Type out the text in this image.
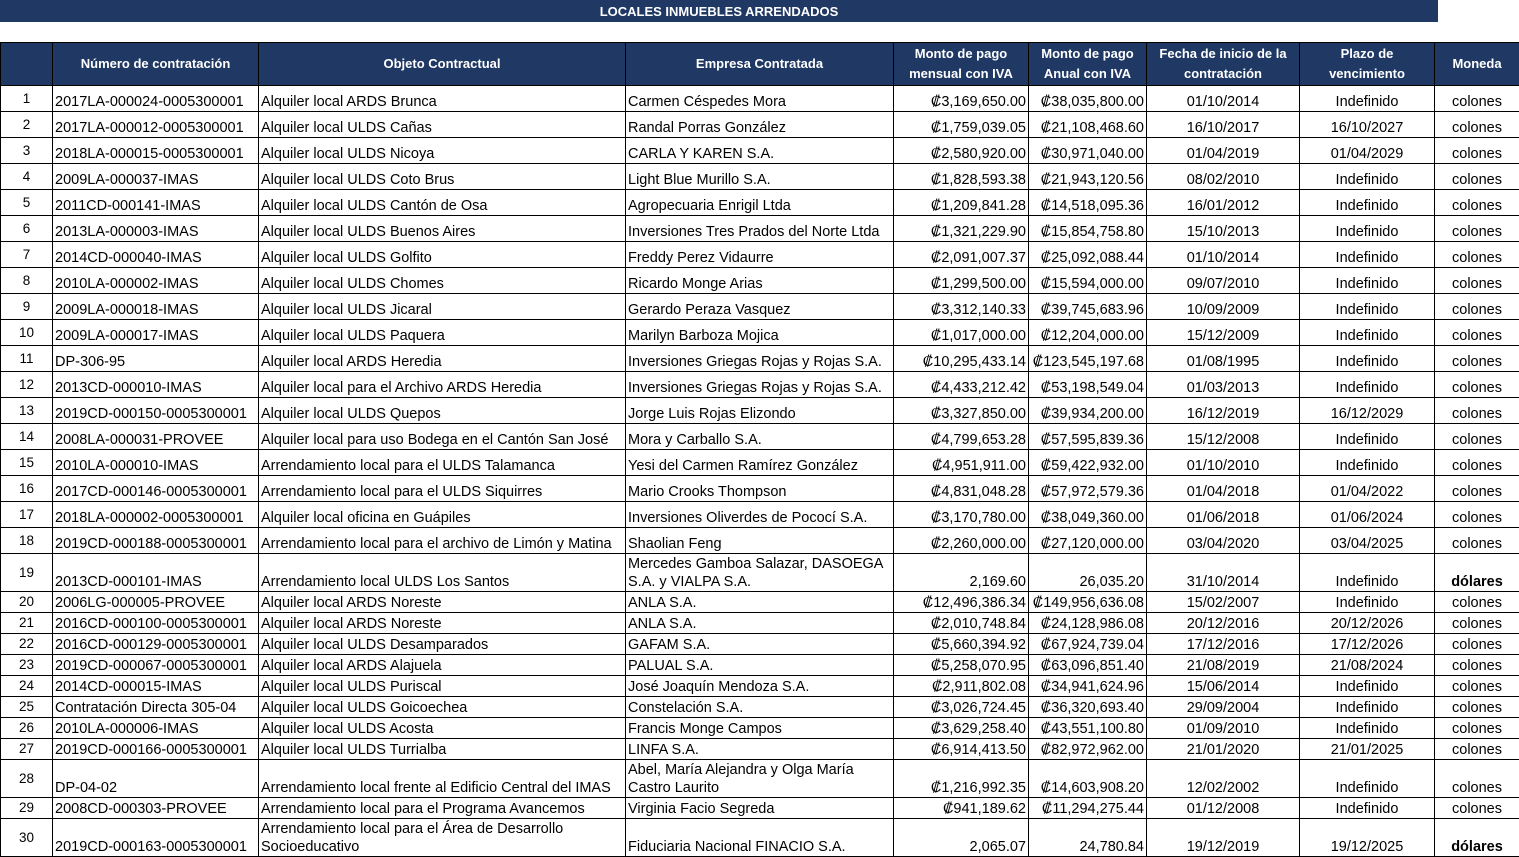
LOCALES INMUEBLES ARRENDADOS
	Número de contratación	Objeto Contractual	Empresa Contratada	Monto de pago mensual con IVA	Monto de pago Anual con IVA	Fecha de inicio de la contratación	Plazo de vencimiento	Moneda
1	2017LA-000024-0005300001	Alquiler local ARDS Brunca	Carmen Céspedes Mora	₡3,169,650.00	₡38,035,800.00	01/10/2014	Indefinido	colones
2	2017LA-000012-0005300001	Alquiler local ULDS Cañas	Randal Porras González	₡1,759,039.05	₡21,108,468.60	16/10/2017	16/10/2027	colones
3	2018LA-000015-0005300001	Alquiler local ULDS Nicoya	CARLA Y KAREN S.A.	₡2,580,920.00	₡30,971,040.00	01/04/2019	01/04/2029	colones
4	2009LA-000037-IMAS	Alquiler local ULDS Coto Brus	Light Blue Murillo S.A.	₡1,828,593.38	₡21,943,120.56	08/02/2010	Indefinido	colones
5	2011CD-000141-IMAS	Alquiler local ULDS Cantón de Osa	Agropecuaria Enrigil Ltda	₡1,209,841.28	₡14,518,095.36	16/01/2012	Indefinido	colones
6	2013LA-000003-IMAS	Alquiler local ULDS Buenos Aires	Inversiones Tres Prados del Norte Ltda	₡1,321,229.90	₡15,854,758.80	15/10/2013	Indefinido	colones
7	2014CD-000040-IMAS	Alquiler local ULDS Golfito	Freddy Perez Vidaurre	₡2,091,007.37	₡25,092,088.44	01/10/2014	Indefinido	colones
8	2010LA-000002-IMAS	Alquiler local ULDS Chomes	Ricardo Monge Arias	₡1,299,500.00	₡15,594,000.00	09/07/2010	Indefinido	colones
9	2009LA-000018-IMAS	Alquiler local ULDS Jicaral	Gerardo Peraza Vasquez	₡3,312,140.33	₡39,745,683.96	10/09/2009	Indefinido	colones
10	2009LA-000017-IMAS	Alquiler local ULDS Paquera	Marilyn Barboza Mojica	₡1,017,000.00	₡12,204,000.00	15/12/2009	Indefinido	colones
11	DP-306-95	Alquiler local ARDS Heredia	Inversiones Griegas Rojas y Rojas S.A.	₡10,295,433.14	₡123,545,197.68	01/08/1995	Indefinido	colones
12	2013CD-000010-IMAS	Alquiler local para el Archivo ARDS Heredia	Inversiones Griegas Rojas y Rojas S.A.	₡4,433,212.42	₡53,198,549.04	01/03/2013	Indefinido	colones
13	2019CD-000150-0005300001	Alquiler local ULDS Quepos	Jorge Luis Rojas Elizondo	₡3,327,850.00	₡39,934,200.00	16/12/2019	16/12/2029	colones
14	2008LA-000031-PROVEE	Alquiler local para uso Bodega en el Cantón San José	Mora y Carballo S.A.	₡4,799,653.28	₡57,595,839.36	15/12/2008	Indefinido	colones
15	2010LA-000010-IMAS	Arrendamiento local para el ULDS Talamanca	Yesi del Carmen Ramírez González	₡4,951,911.00	₡59,422,932.00	01/10/2010	Indefinido	colones
16	2017CD-000146-0005300001	Arrendamiento local para el ULDS Siquirres	Mario Crooks Thompson	₡4,831,048.28	₡57,972,579.36	01/04/2018	01/04/2022	colones
17	2018LA-000002-0005300001	Alquiler local oficina en Guápiles	Inversiones Oliverdes de Pococí S.A.	₡3,170,780.00	₡38,049,360.00	01/06/2018	01/06/2024	colones
18	2019CD-000188-0005300001	Arrendamiento local para el archivo de Limón y Matina	Shaolian Feng	₡2,260,000.00	₡27,120,000.00	03/04/2020	03/04/2025	colones
19	2013CD-000101-IMAS	Arrendamiento local ULDS Los Santos	Mercedes Gamboa Salazar, DASOEGA S.A. y VIALPA S.A.	2,169.60	26,035.20	31/10/2014	Indefinido	dólares
20	2006LG-000005-PROVEE	Alquiler local ARDS Noreste	ANLA S.A.	₡12,496,386.34	₡149,956,636.08	15/02/2007	Indefinido	colones
21	2016CD-000100-0005300001	Alquiler local ARDS Noreste	ANLA S.A.	₡2,010,748.84	₡24,128,986.08	20/12/2016	20/12/2026	colones
22	2016CD-000129-0005300001	Alquiler local ULDS Desamparados	GAFAM S.A.	₡5,660,394.92	₡67,924,739.04	17/12/2016	17/12/2026	colones
23	2019CD-000067-0005300001	Alquiler local ARDS Alajuela	PALUAL S.A.	₡5,258,070.95	₡63,096,851.40	21/08/2019	21/08/2024	colones
24	2014CD-000015-IMAS	Alquiler local ULDS Puriscal	José Joaquín Mendoza S.A.	₡2,911,802.08	₡34,941,624.96	15/06/2014	Indefinido	colones
25	Contratación Directa 305-04	Alquiler local ULDS Goicoechea	Constelación S.A.	₡3,026,724.45	₡36,320,693.40	29/09/2004	Indefinido	colones
26	2010LA-000006-IMAS	Alquiler local ULDS Acosta	Francis Monge Campos	₡3,629,258.40	₡43,551,100.80	01/09/2010	Indefinido	colones
27	2019CD-000166-0005300001	Alquiler local ULDS Turrialba	LINFA S.A.	₡6,914,413.50	₡82,972,962.00	21/01/2020	21/01/2025	colones
28	DP-04-02	Arrendamiento local frente al Edificio Central del IMAS	Abel, María Alejandra y Olga María Castro Laurito	₡1,216,992.35	₡14,603,908.20	12/02/2002	Indefinido	colones
29	2008CD-000303-PROVEE	Arrendamiento local para el Programa Avancemos	Virginia Facio Segreda	₡941,189.62	₡11,294,275.44	01/12/2008	Indefinido	colones
30	2019CD-000163-0005300001	Arrendamiento local para el Área de Desarrollo Socioeducativo	Fiduciaria Nacional FINACIO S.A.	2,065.07	24,780.84	19/12/2019	19/12/2025	dólares
